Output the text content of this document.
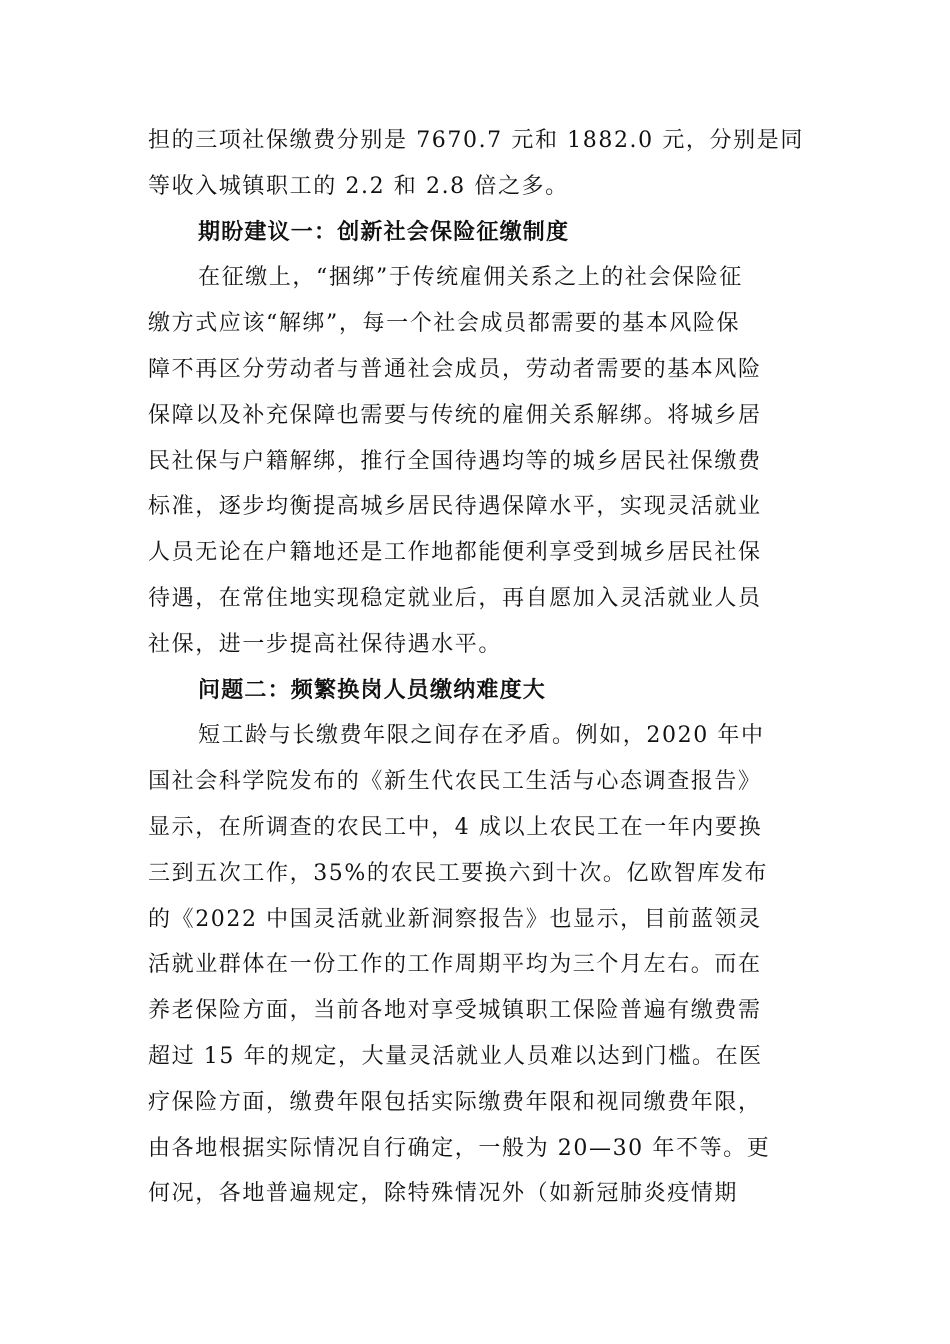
担的三项社保缴费分别是 7670.7 元和 1882.0 元，分别是同
等收入城镇职工的 2.2 和 2.8 倍之多。
期盼建议一：创新社会保险征缴制度
在征缴上，“捆绑”于传统雇佣关系之上的社会保险征
缴方式应该“解绑”，每一个社会成员都需要的基本风险保
障不再区分劳动者与普通社会成员，劳动者需要的基本风险
保障以及补充保障也需要与传统的雇佣关系解绑。将城乡居
民社保与户籍解绑，推行全国待遇均等的城乡居民社保缴费
标准，逐步均衡提高城乡居民待遇保障水平，实现灵活就业
人员无论在户籍地还是工作地都能便利享受到城乡居民社保
待遇，在常住地实现稳定就业后，再自愿加入灵活就业人员
社保，进一步提高社保待遇水平。
问题二：频繁换岗人员缴纳难度大
短工龄与长缴费年限之间存在矛盾。例如，2020 年中
国社会科学院发布的《新生代农民工生活与心态调查报告》
显示，在所调查的农民工中，4 成以上农民工在一年内要换
三到五次工作，35%的农民工要换六到十次。亿欧智库发布
的《2022 中国灵活就业新洞察报告》也显示，目前蓝领灵
活就业群体在一份工作的工作周期平均为三个月左右。而在
养老保险方面，当前各地对享受城镇职工保险普遍有缴费需
超过 15 年的规定，大量灵活就业人员难以达到门槛。在医
疗保险方面，缴费年限包括实际缴费年限和视同缴费年限，
由各地根据实际情况自行确定，一般为 20—30 年不等。更
何况，各地普遍规定，除特殊情况外（如新冠肺炎疫情期
